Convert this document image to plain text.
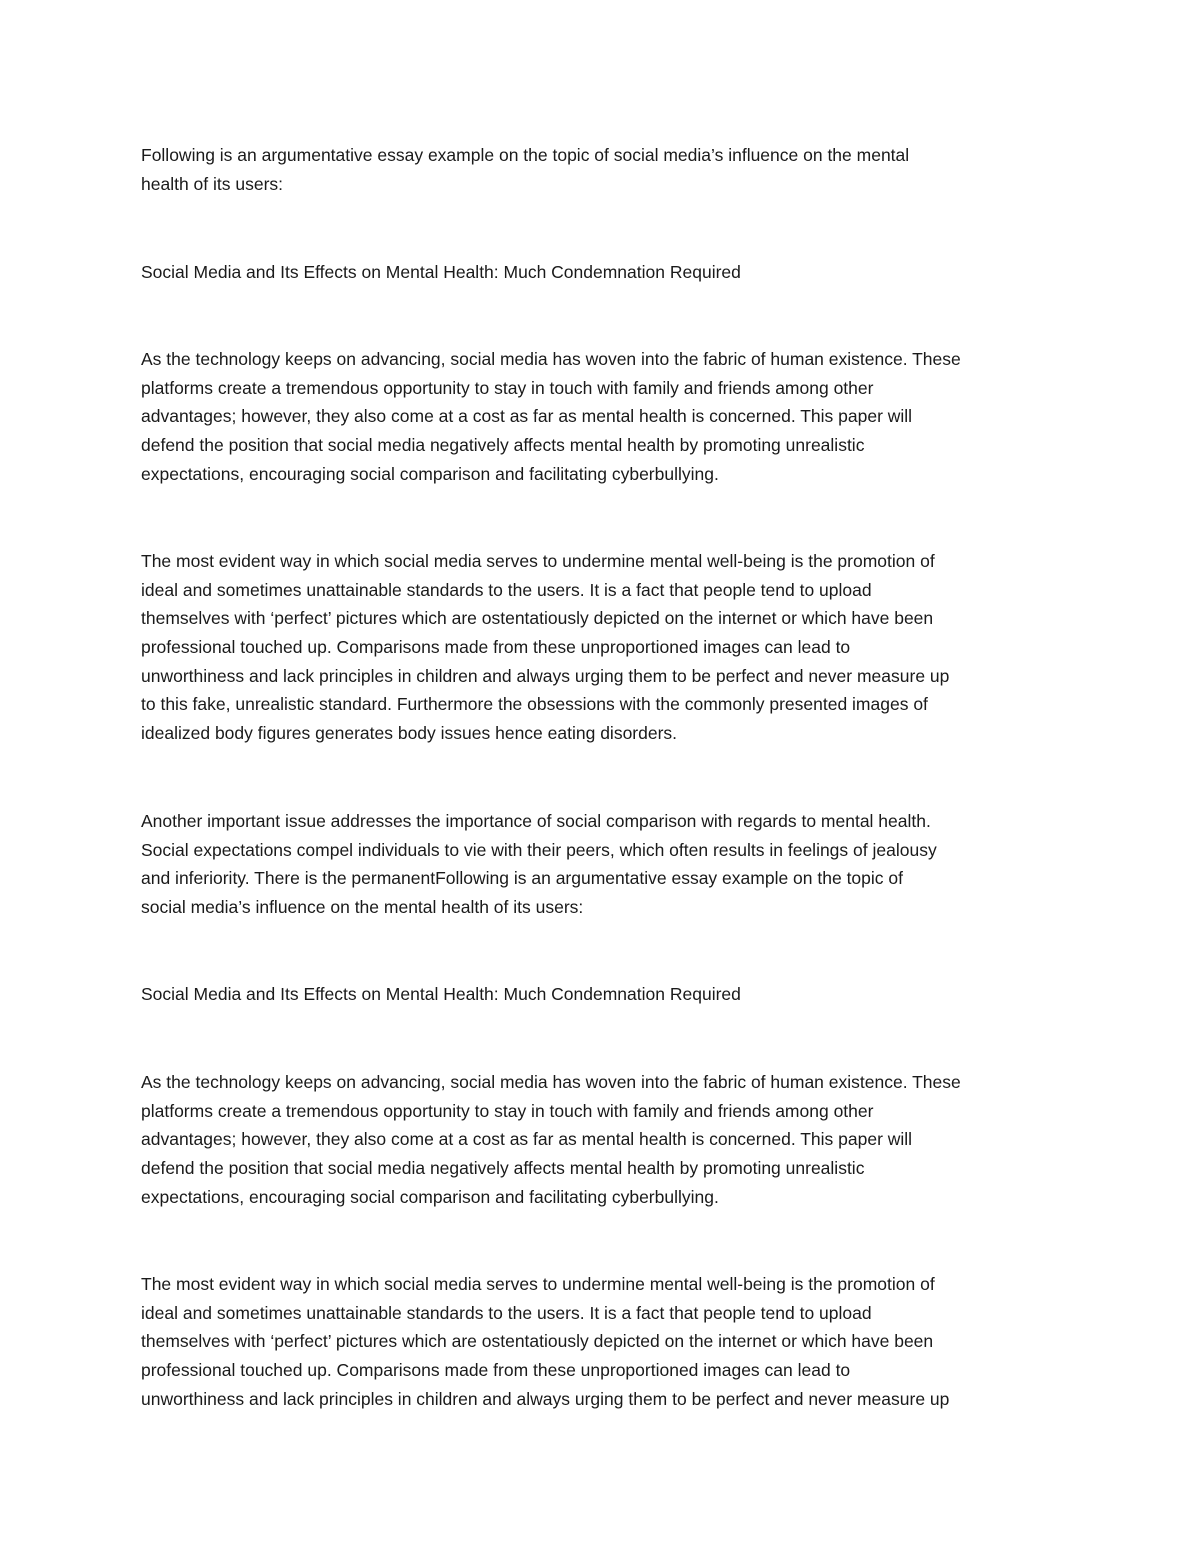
Following is an argumentative essay example on the topic of social media’s influence on the mental
health of its users:
Social Media and Its Effects on Mental Health: Much Condemnation Required
As the technology keeps on advancing, social media has woven into the fabric of human existence. These
platforms create a tremendous opportunity to stay in touch with family and friends among other
advantages; however, they also come at a cost as far as mental health is concerned. This paper will
defend the position that social media negatively affects mental health by promoting unrealistic
expectations, encouraging social comparison and facilitating cyberbullying.
The most evident way in which social media serves to undermine mental well-being is the promotion of
ideal and sometimes unattainable standards to the users. It is a fact that people tend to upload
themselves with ‘perfect’ pictures which are ostentatiously depicted on the internet or which have been
professional touched up. Comparisons made from these unproportioned images can lead to
unworthiness and lack principles in children and always urging them to be perfect and never measure up
to this fake, unrealistic standard. Furthermore the obsessions with the commonly presented images of
idealized body figures generates body issues hence eating disorders.
Another important issue addresses the importance of social comparison with regards to mental health.
Social expectations compel individuals to vie with their peers, which often results in feelings of jealousy
and inferiority. There is the permanentFollowing is an argumentative essay example on the topic of
social media’s influence on the mental health of its users:
Social Media and Its Effects on Mental Health: Much Condemnation Required
As the technology keeps on advancing, social media has woven into the fabric of human existence. These
platforms create a tremendous opportunity to stay in touch with family and friends among other
advantages; however, they also come at a cost as far as mental health is concerned. This paper will
defend the position that social media negatively affects mental health by promoting unrealistic
expectations, encouraging social comparison and facilitating cyberbullying.
The most evident way in which social media serves to undermine mental well-being is the promotion of
ideal and sometimes unattainable standards to the users. It is a fact that people tend to upload
themselves with ‘perfect’ pictures which are ostentatiously depicted on the internet or which have been
professional touched up. Comparisons made from these unproportioned images can lead to
unworthiness and lack principles in children and always urging them to be perfect and never measure up
